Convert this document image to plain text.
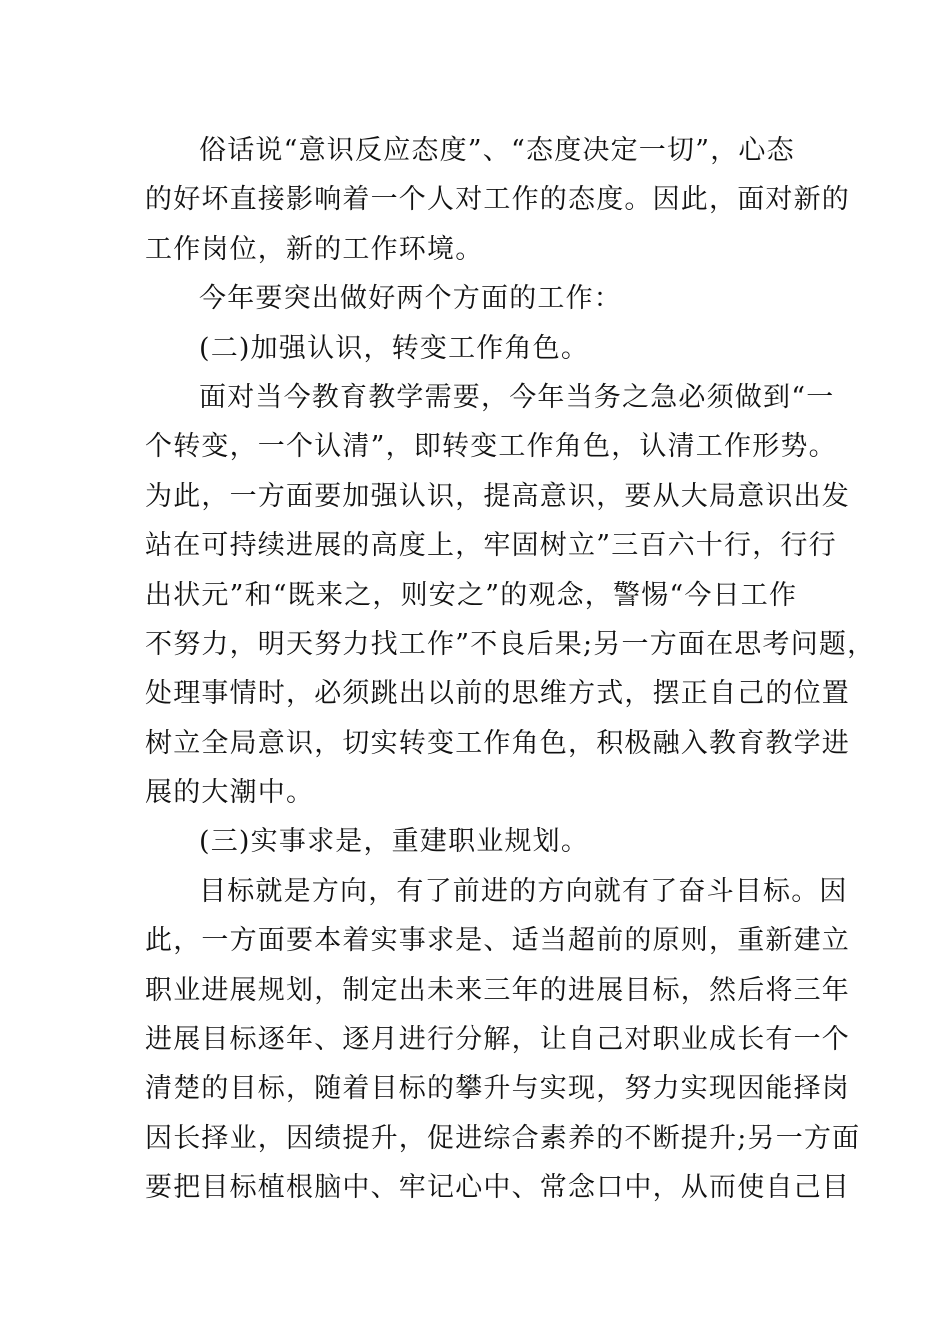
俗话说“意识反应态度”、“态度决定一切”，心态
的好坏直接影响着一个人对工作的态度。因此，面对新的
工作岗位，新的工作环境。
今年要突出做好两个方面的工作：
(二)加强认识，转变工作角色。
面对当今教育教学需要，今年当务之急必须做到“一
个转变，一个认清”，即转变工作角色，认清工作形势。
为此，一方面要加强认识，提高意识，要从大局意识出发
站在可持续进展的高度上，牢固树立”三百六十行，行行
出状元”和“既来之，则安之”的观念，警惕“今日工作
不努力，明天努力找工作”不良后果;另一方面在思考问题，
处理事情时，必须跳出以前的思维方式，摆正自己的位置
树立全局意识，切实转变工作角色，积极融入教育教学进
展的大潮中。
(三)实事求是，重建职业规划。
目标就是方向，有了前进的方向就有了奋斗目标。因
此，一方面要本着实事求是、适当超前的原则，重新建立
职业进展规划，制定出未来三年的进展目标，然后将三年
进展目标逐年、逐月进行分解，让自己对职业成长有一个
清楚的目标，随着目标的攀升与实现，努力实现因能择岗
因长择业，因绩提升，促进综合素养的不断提升;另一方面
要把目标植根脑中、牢记心中、常念口中，从而使自己目
